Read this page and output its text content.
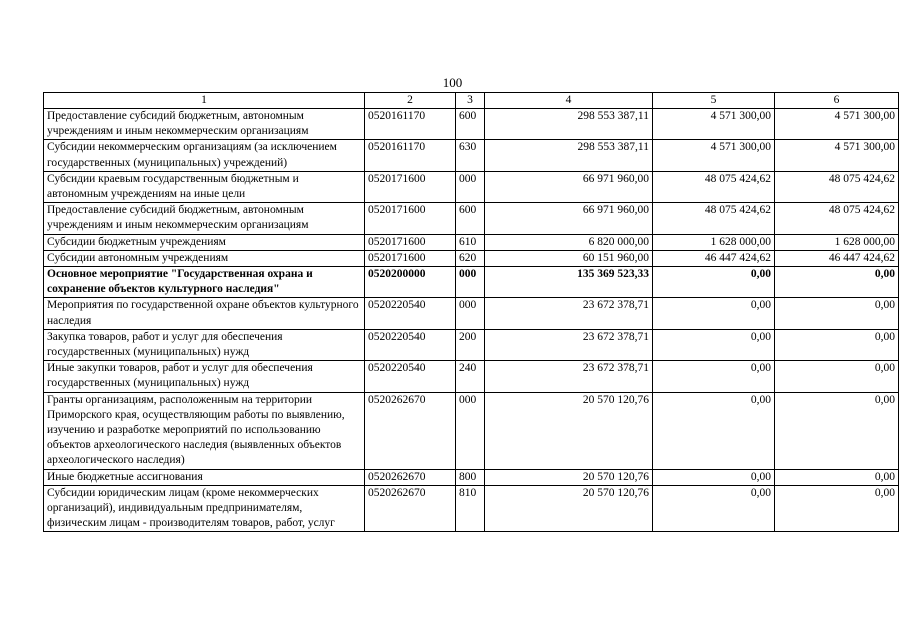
100
1	2	3	4	5	6
Предоставление субсидий бюджетным, автономным учреждениям и иным некоммерческим организациям	0520161170	600	298 553 387,11	4 571 300,00	4 571 300,00
Субсидии некоммерческим организациям (за исключением государственных (муниципальных) учреждений)	0520161170	630	298 553 387,11	4 571 300,00	4 571 300,00
Субсидии краевым государственным бюджетным и автономным учреждениям на иные цели	0520171600	000	66 971 960,00	48 075 424,62	48 075 424,62
Предоставление субсидий бюджетным, автономным учреждениям и иным некоммерческим организациям	0520171600	600	66 971 960,00	48 075 424,62	48 075 424,62
Субсидии бюджетным учреждениям	0520171600	610	6 820 000,00	1 628 000,00	1 628 000,00
Субсидии автономным учреждениям	0520171600	620	60 151 960,00	46 447 424,62	46 447 424,62
Основное мероприятие "Государственная охрана и сохранение объектов культурного наследия"	0520200000	000	135 369 523,33	0,00	0,00
Мероприятия по государственной охране объектов культурного наследия	0520220540	000	23 672 378,71	0,00	0,00
Закупка товаров, работ и услуг для обеспечения государственных (муниципальных) нужд	0520220540	200	23 672 378,71	0,00	0,00
Иные закупки товаров, работ и услуг для обеспечения государственных (муниципальных) нужд	0520220540	240	23 672 378,71	0,00	0,00
Гранты организациям, расположенным на территории Приморского края, осуществляющим работы по выявлению, изучению и разработке мероприятий по использованию объектов археологического наследия (выявленных объектов археологического наследия)	0520262670	000	20 570 120,76	0,00	0,00
Иные бюджетные ассигнования	0520262670	800	20 570 120,76	0,00	0,00
Субсидии юридическим лицам (кроме некоммерческих организаций), индивидуальным предпринимателям, физическим лицам - производителям товаров, работ, услуг	0520262670	810	20 570 120,76	0,00	0,00
